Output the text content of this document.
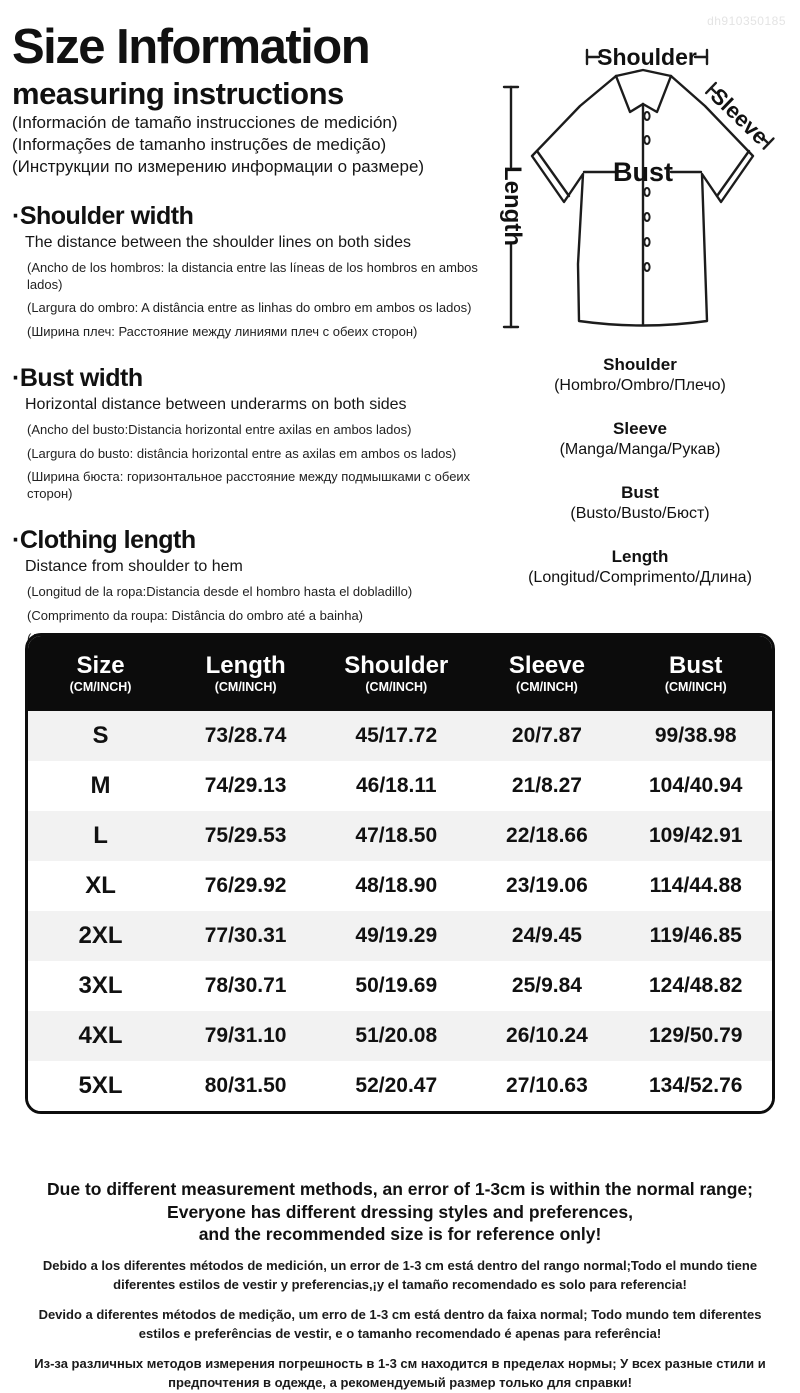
Size Information
measuring instructions
(Información de tamaño instrucciones de medición)
(Informações de tamanho instruções de medição)
(Инструкции по измерению информации о размере)
·Shoulder width
The distance between the shoulder lines on both sides

(Ancho de los hombros: la distancia entre las líneas de los hombros en ambos lados)

(Largura do ombro: A distância entre as linhas do ombro em ambos os lados)

(Ширина плеч: Расстояние между линиями плеч с обеих сторон)

·Bust width
Horizontal distance between underarms on both sides

(Ancho del busto:Distancia horizontal entre axilas en ambos lados)

(Largura do busto: distância horizontal entre as axilas em ambos os lados)

(Ширина бюста: горизонтальное расстояние между подмышками с обеих сторон)

·Clothing length
Distance from shoulder to hem

(Longitud de la ropa:Distancia desde el hombro hasta el dobladillo)

(Comprimento da roupa: Distância do ombro até a bainha)

dh910350185
Shoulder
Bust
Sleeve
Length
Shoulder
(Hombro/Ombro/Плечо)
Sleeve
(Manga/Manga/Рукав)
Bust
(Busto/Busto/Бюст)
Length
(Longitud/Comprimento/Длина)
Size
(CM/INCH)
Length
(CM/INCH)
Shoulder
(CM/INCH)
Sleeve
(CM/INCH)
Bust
(CM/INCH)
S	73/28.74	45/17.72	20/7.87	99/38.98
M	74/29.13	46/18.11	21/8.27	104/40.94
L	75/29.53	47/18.50	22/18.66	109/42.91
XL	76/29.92	48/18.90	23/19.06	114/44.88
2XL	77/30.31	49/19.29	24/9.45	119/46.85
3XL	78/30.71	50/19.69	25/9.84	124/48.82
4XL	79/31.10	51/20.08	26/10.24	129/50.79
5XL	80/31.50	52/20.47	27/10.63	134/52.76
Due to different measurement methods, an error of 1-3cm is within the normal range;
Everyone has different dressing styles and preferences,
and the recommended size is for reference only!
Debido a los diferentes métodos de medición, un error de 1-3 cm está dentro del rango normal;Todo el mundo tiene diferentes estilos de vestir y preferencias,¡y el tamaño recomendado es solo para referencia!
Devido a diferentes métodos de medição, um erro de 1-3 cm está dentro da faixa normal; Todo mundo tem diferentes estilos e preferências de vestir, e o tamanho recomendado é apenas para referência!
Из-за различных методов измерения погрешность в 1-3 см находится в пределах нормы; У всех разные стили и предпочтения в одежде, а рекомендуемый размер только для справки!
